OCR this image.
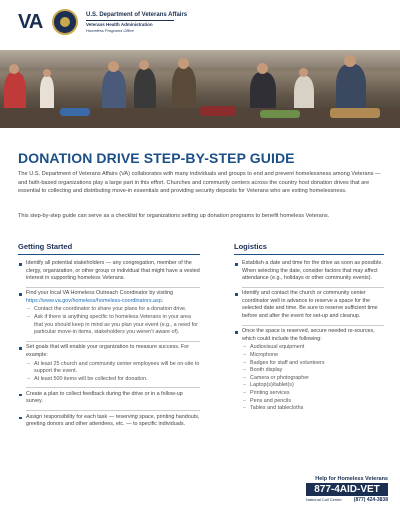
VA	U.S. Department of Veterans Affairs
Veterans Health Administration
Homeless Programs Office
DONATION DRIVE STEP-BY-STEP GUIDE
The U.S. Department of Veterans Affairs (VA) collaborates with many individuals and groups to end and prevent homelessness among Veterans — and faith-based organizations play a large part in this effort. Churches and community centers across the country host donation drives that are essential to collecting and distributing move-in essentials and providing security deposits for Veterans who are exiting homelessness.
This step-by-step guide can serve as a checklist for organizations setting up donation programs to benefit homeless Veterans.
Getting Started
Identify all potential stakeholders — any congregation, member of the clergy, organization, or other group or individual that might have a vested interest in supporting homeless Veterans.
Find your local VA Homeless Outreach Coordinator by visiting https://www.va.gov/homeless/homeless-coordinators.asp.
– Contact the coordinator to share your plans for a donation drive.
– Ask if there is anything specific to homeless Veterans in your area that you should keep in mind as you plan your event (e.g., a need for particular move-in items, stakeholders you weren’t aware of).
Set goals that will enable your organization to measure success. For example:
– At least 25 church and community center employees will be on-site to support the event.
– At least 500 items will be collected for donation.
Create a plan to collect feedback during the drive or in a follow-up survey.
Assign responsibility for each task — reserving space, printing handouts, greeting donors and other attendees, etc. — to specific individuals.
Logistics
Establish a date and time for the drive as soon as possible. When selecting the date, consider factors that may affect attendance (e.g., holidays or other community events).
Identify and contact the church or community center coordinator well in advance to reserve a space for the selected date and time. Be sure to reserve sufficient time before and after the event for set-up and cleanup.
Once the space is reserved, secure needed re-sources, which could include the following:
– Audiovisual equipment
– Microphone
– Badges for staff and volunteers
– Booth display
– Camera or photographer
– Laptop(s)/tablet(s)
– Printing services
– Pens and pencils
– Tables and tablecloths
Help for Homeless Veterans
877-4AID-VET
National Call Center (877) 424-3838
